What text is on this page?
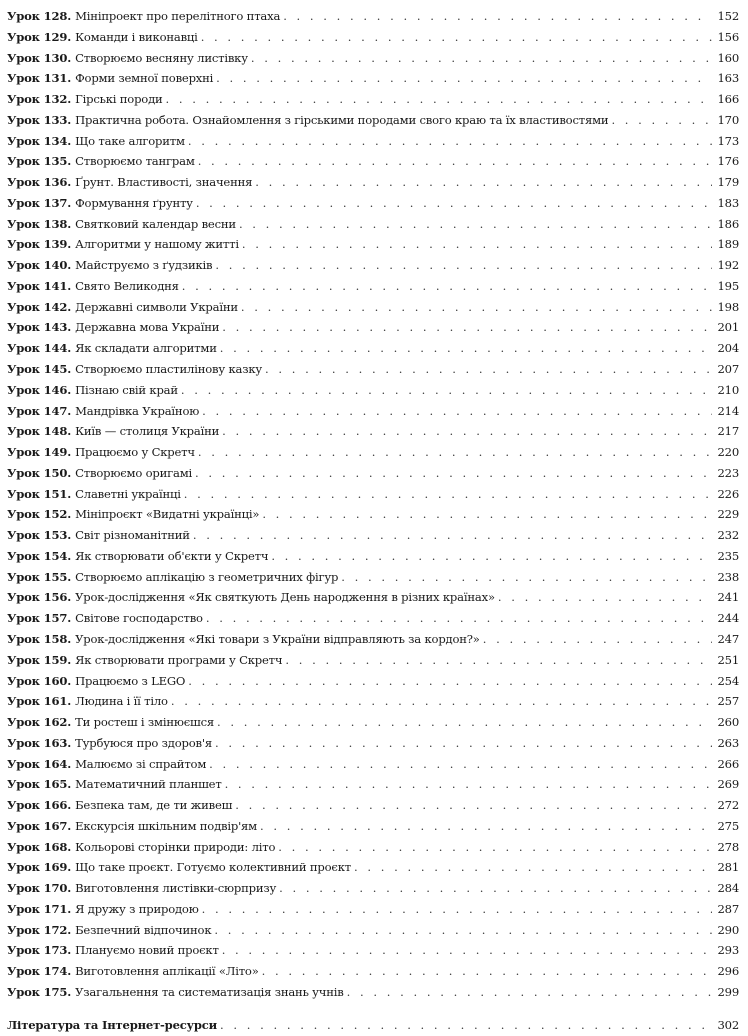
Урок 128. Мініпроект про перелітного птаха . . .	152
Урок 129. Команди і виконавці . . .	156
Урок 130. Створюємо весняну листівку . . .	160
Урок 131. Форми земної поверхні . . .	163
Урок 132. Гірські породи . . .	166
Урок 133. Практична робота. Ознайомлення з гірськими породами свого краю та їх властивостями . . .	170
Урок 134. Що таке алгоритм . . .	173
Урок 135. Створюємо танграм . . .	176
Урок 136. Ґрунт. Властивості, значення . . .	179
Урок 137. Формування ґрунту . . .	183
Урок 138. Святковий календар весни . . .	186
Урок 139. Алгоритми у нашому житті . . .	189
Урок 140. Майструємо з ґудзиків . . .	192
Урок 141. Свято Великодня . . .	195
Урок 142. Державні символи України . . .	198
Урок 143. Державна мова України . . .	201
Урок 144. Як складати алгоритми . . .	204
Урок 145. Створюємо пластилінову казку . . .	207
Урок 146. Пізнаю свій край . . .	210
Урок 147. Мандрівка Україною . . .	214
Урок 148. Київ — столиця України . . .	217
Урок 149. Працюємо у Скретч . . .	220
Урок 150. Створюємо оригамі . . .	223
Урок 151. Славетні українці . . .	226
Урок 152. Мініпроєкт «Видатні українці» . . .	229
Урок 153. Світ різноманітний . . .	232
Урок 154. Як створювати об'єкти у Скретч . . .	235
Урок 155. Створюємо аплікацію з геометричних фігур . . .	238
Урок 156. Урок-дослідження «Як святкують День народження в різних країнах» . . .	241
Урок 157. Світове господарство . . .	244
Урок 158. Урок-дослідження «Які товари з України відправляють за кордон?» . . .	247
Урок 159. Як створювати програми у Скретч . . .	251
Урок 160. Працюємо з LEGO . . .	254
Урок 161. Людина і її тіло . . .	257
Урок 162. Ти ростеш і змінюєшся . . .	260
Урок 163. Турбуюся про здоров'я . . .	263
Урок 164. Малюємо зі спрайтом . . .	266
Урок 165. Математичний планшет . . .	269
Урок 166. Безпека там, де ти живеш . . .	272
Урок 167. Екскурсія шкільним подвір'ям . . .	275
Урок 168. Кольорові сторінки природи: літо . . .	278
Урок 169. Що таке проєкт. Готуємо колективний проєкт . . .	281
Урок 170. Виготовлення листівки-сюрпризу . . .	284
Урок 171. Я дружу з природою . . .	287
Урок 172. Безпечний відпочинок . . .	290
Урок 173. Плануємо новий проєкт . . .	293
Урок 174. Виготовлення аплікації «Літо» . . .	296
Урок 175. Узагальнення та систематизація знань учнів . . .	299
Література та Інтернет-ресурси . . .	302
